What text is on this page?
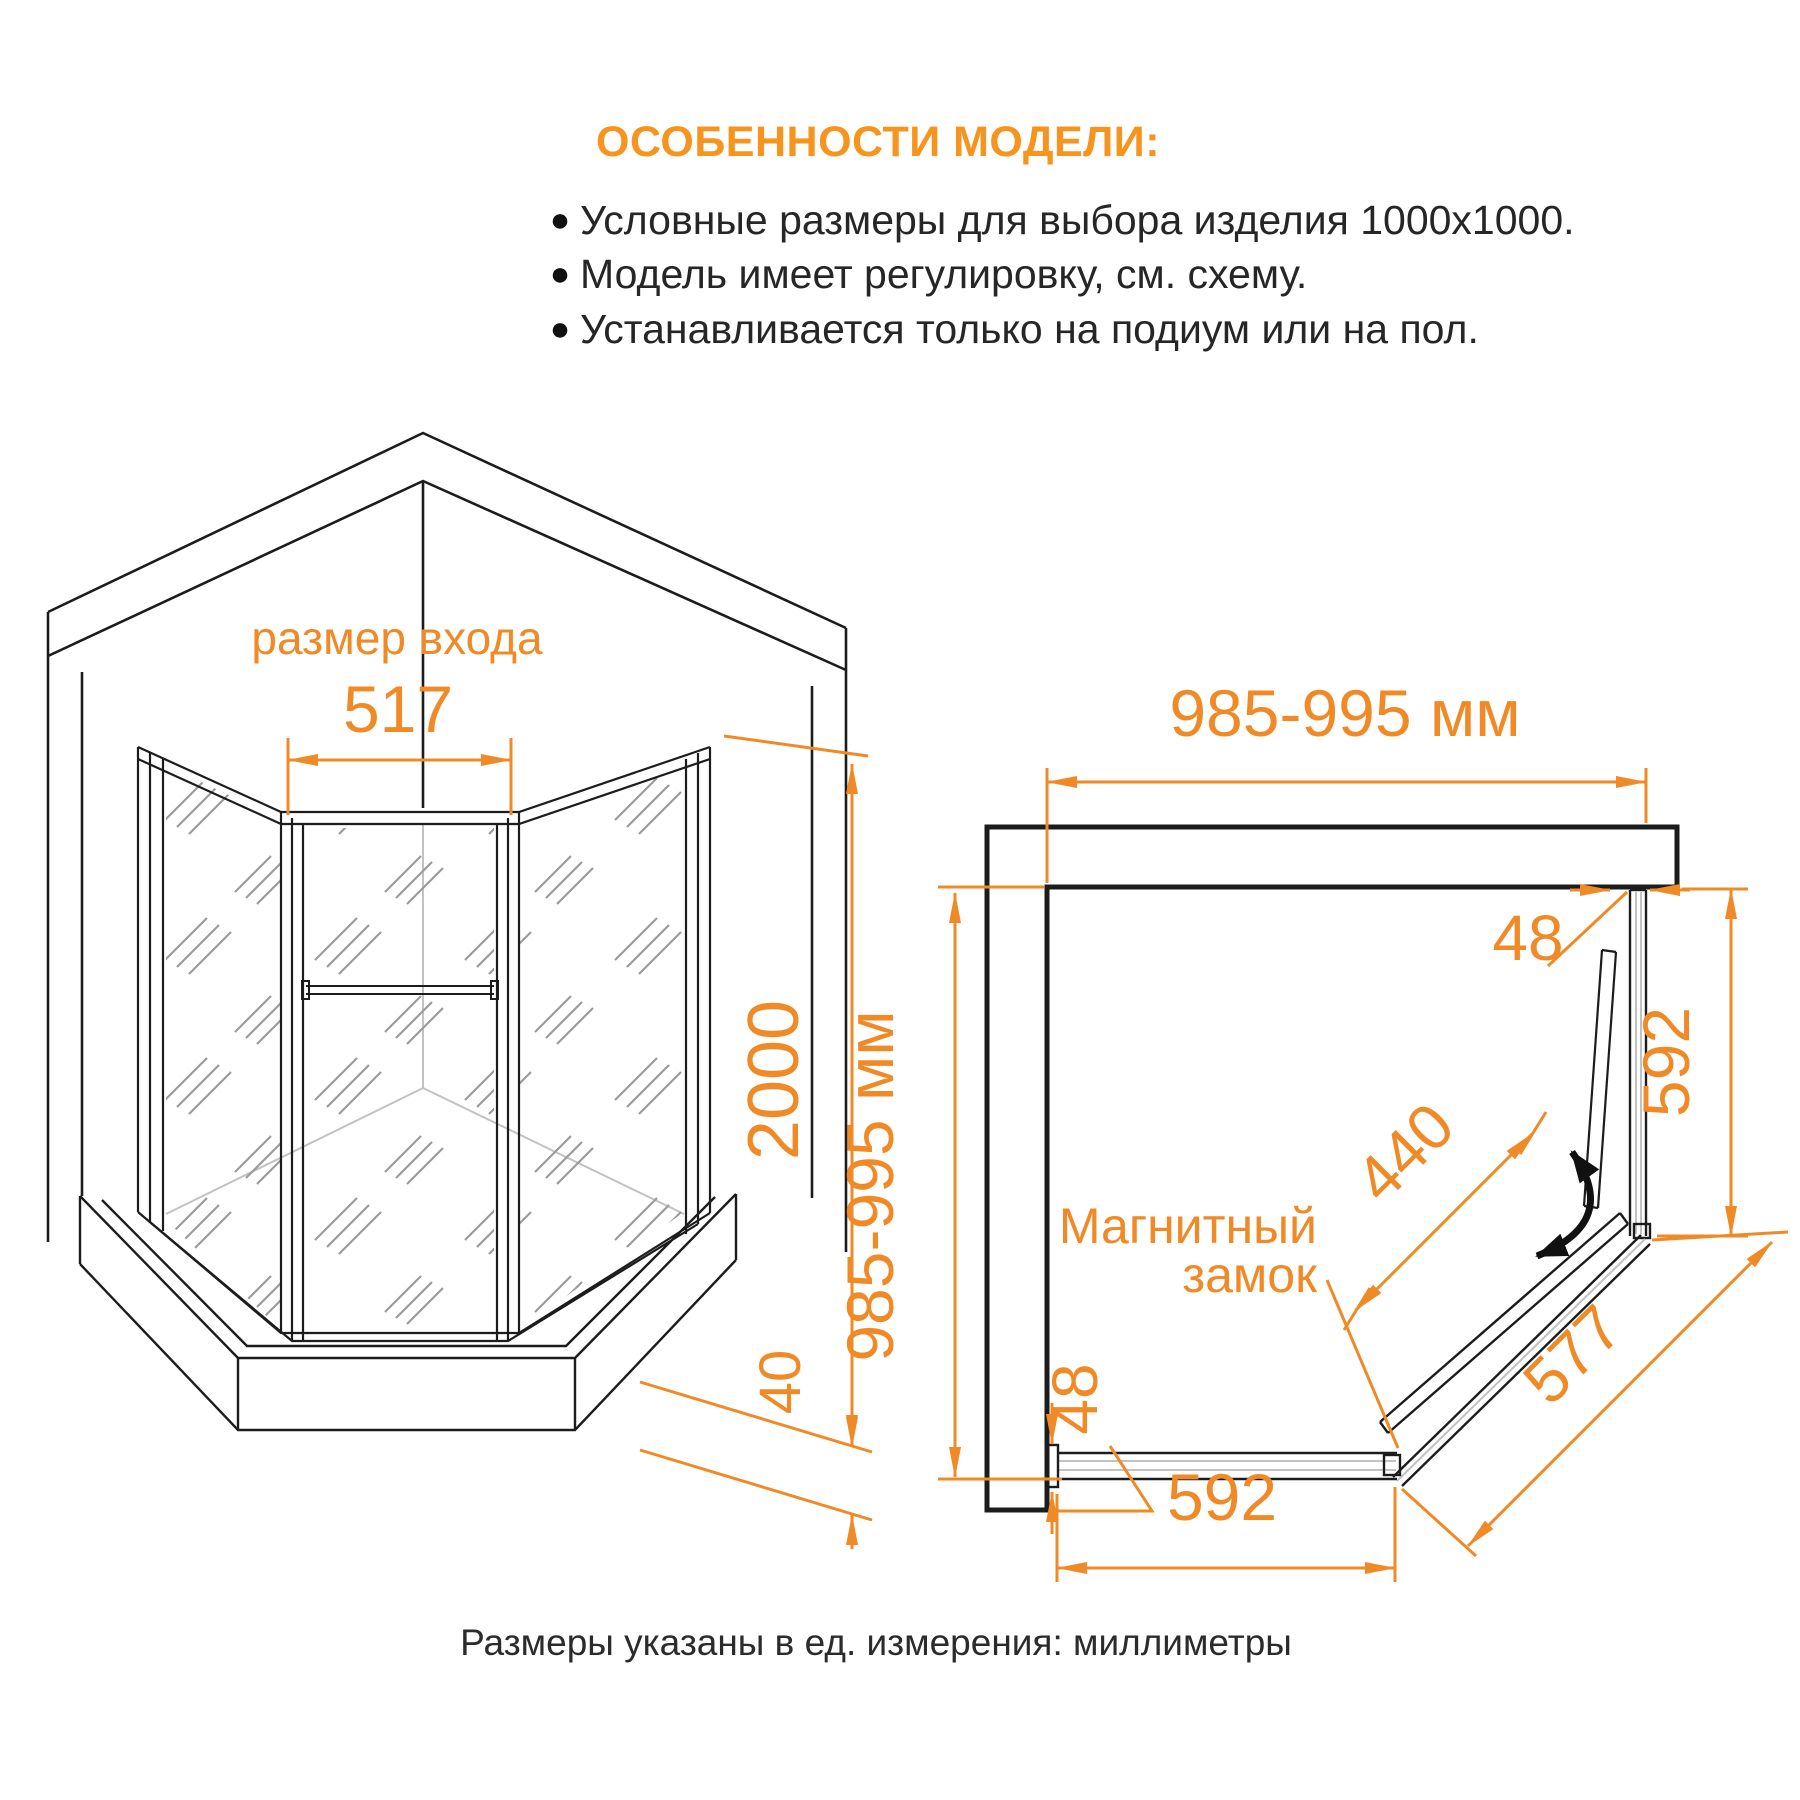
ОСОБЕННОСТИ МОДЕЛИ:
● Условные размеры для выбора изделия 1000х1000.
● Модель имеет регулировку, см. схему.
● Устанавливается только на подиум или на пол.
размер входа
517
2000
40
985-995 мм
985-995 мм
48
592
440
577
48
592
Магнитный
замок
Размеры указаны в ед. измерения: миллиметры
